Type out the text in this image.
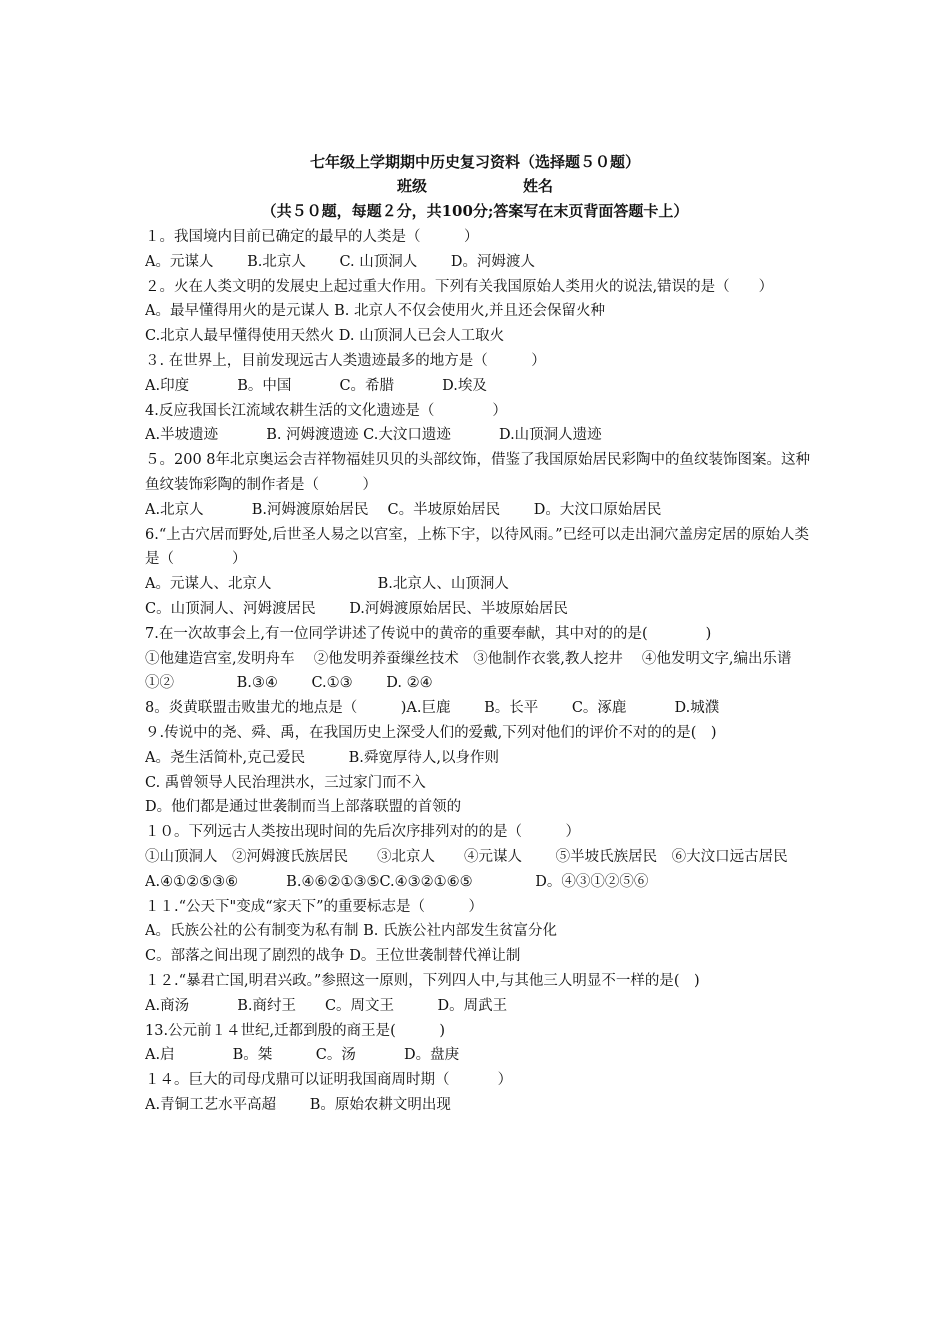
七年级上学期期中历史复习资料（选择题５０题）
班级	姓名
（共５０题，每题２分，共100分;答案写在末页背面答题卡上）
１。我国境内目前已确定的最早的人类是（　　　）
A。元谋人　　 B.北京人　　 C. 山顶洞人　　 D。河姆渡人
２。火在人类文明的发展史上起过重大作用。下列有关我国原始人类用火的说法,错误的是（　　）
A。最早懂得用火的是元谋人 B. 北京人不仅会使用火,并且还会保留火种
C.北京人最早懂得使用天然火 D. 山顶洞人已会人工取火
３. 在世界上，目前发现远古人类遗迹最多的地方是（　　　）
A.印度　　　 B。中国　　　 C。希腊　　　 D.埃及
4.反应我国长江流域农耕生活的文化遗迹是（　　　　）
A.半坡遗迹　　　 B. 河姆渡遗迹 C.大汶口遗迹　　　 D.山顶洞人遗迹
５。200 8年北京奥运会吉祥物福娃贝贝的头部纹饰，借鉴了我国原始居民彩陶中的鱼纹装饰图案。这种鱼纹装饰彩陶的制作者是（　　　）
A.北京人　　　 B.河姆渡原始居民　 C。半坡原始居民　　 D。大汶口原始居民
6.“上古穴居而野处,后世圣人易之以宫室，上栋下宇，以待风雨。”已经可以走出洞穴盖房定居的原始人类是（　　　　）
A。元谋人、北京人　　　　　　　 B.北京人、山顶洞人
C。山顶洞人、河姆渡居民　　 D.河姆渡原始居民、半坡原始居民
7.在一次故事会上,有一位同学讲述了传说中的黄帝的重要奉献，其中对的的是(　　　　)
①他建造宫室,发明舟车　 ②他发明养蚕缫丝技术　③他制作衣裳,教人挖井　 ④他发明文字,编出乐谱①②　　　　 B.③④　　 C.①③　　 D. ②④
8。炎黄联盟击败蚩尤的地点是（　　　)A.巨鹿　　 B。长平　　 C。涿鹿　　　 D.城濮
９.传说中的尧、舜、禹，在我国历史上深受人们的爱戴,下列对他们的评价不对的的是(　)
A。尧生活简朴,克己爱民　　　B.舜宽厚待人,以身作则
C. 禹曾领导人民治理洪水，三过家门而不入
D。他们都是通过世袭制而当上部落联盟的首领的
１０。下列远古人类按出现时间的先后次序排列对的的是（　　　）
①山顶洞人　②河姆渡氏族居民　　③北京人　　④元谋人　　 ⑤半坡氏族居民　⑥大汶口远古居民
A.④①②⑤③⑥　　　 B.④⑥②①③⑤C.④③②①⑥⑤　　　　 D。④③①②⑤⑥
１１.“公天下"变成“家天下”的重要标志是（　　　）
A。氏族公社的公有制变为私有制 B. 氏族公社内部发生贫富分化
C。部落之间出现了剧烈的战争 D。王位世袭制替代禅让制
１２.“暴君亡国,明君兴政。”参照这一原则，下列四人中,与其他三人明显不一样的是(　)
A.商汤　　　 B.商纣王　　C。周文王　　　D。周武王
13.公元前１４世纪,迁都到殷的商王是(　　　)
A.启　　　　B。桀　　　C。汤　　　 D。盘庚
１４。巨大的司母戊鼎可以证明我国商周时期（　　　 ）
A.青铜工艺水平高超　　 B。原始农耕文明出现
